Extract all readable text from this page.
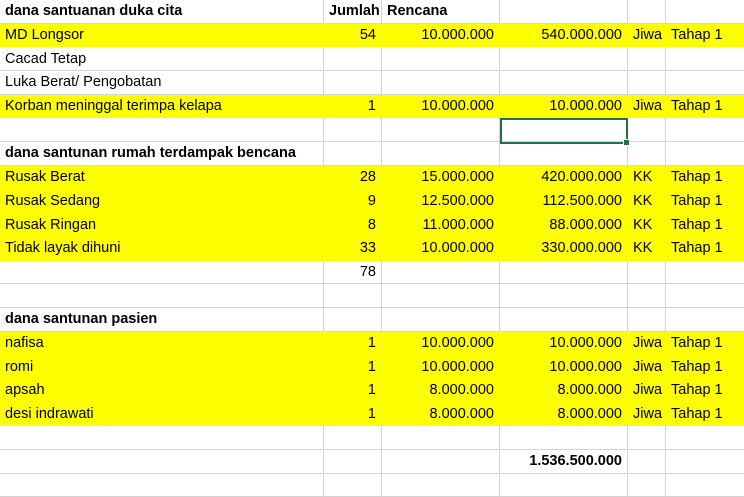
dana santuanan duka cita	Jumlah Rencana
MD Longsor	54	10.000.000	540.000.000 Jiwa Tahap 1
Cacad Tetap
Luka Berat/ Pengobatan
Korban meninggal terimpa kelapa	1	10.000.000	10.000.000 Jiwa Tahap 1
dana santunan rumah terdampak bencana
Rusak Berat	28	15.000.000	420.000.000 KK	Tahap 1
Rusak Sedang	9	12.500.000	112.500.000 KK	Tahap 1
Rusak Ringan	8	11.000.000	88.000.000 KK	Tahap 1
Tidak layak dihuni	33	10.000.000	330.000.000 KK	Tahap 1
78
dana santunan pasien
nafisa	1	10.000.000	10.000.000 Jiwa Tahap 1
romi	1	10.000.000	10.000.000 Jiwa Tahap 1
apsah	1	8.000.000	8.000.000 Jiwa Tahap 1
desi indrawati	1	8.000.000	8.000.000 Jiwa Tahap 1
1.536.500.000
